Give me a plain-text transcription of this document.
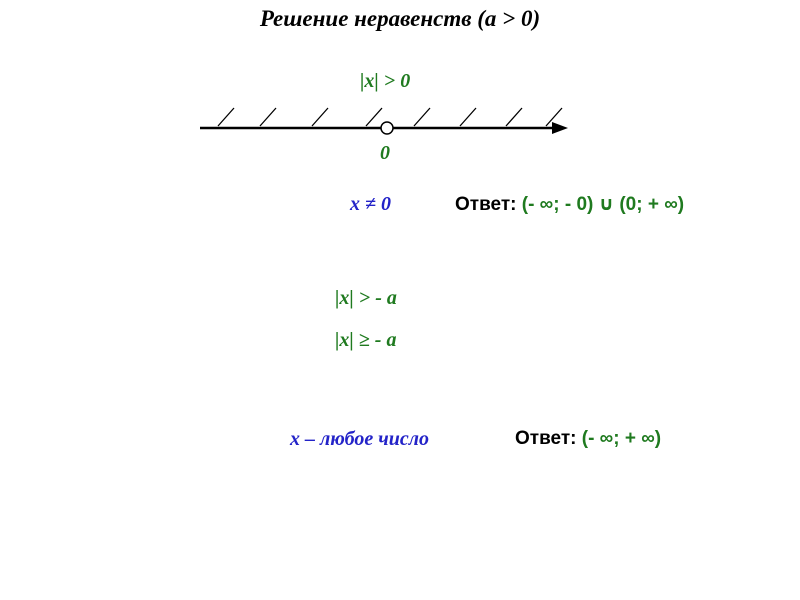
Решение неравенств (a > 0)
|x| > 0
0
x ≠ 0	Ответ: (- ∞; - 0) ∪ (0; + ∞)
|x| > - a
|x| ≥ - a
x – любое число	Ответ: (- ∞; + ∞)
